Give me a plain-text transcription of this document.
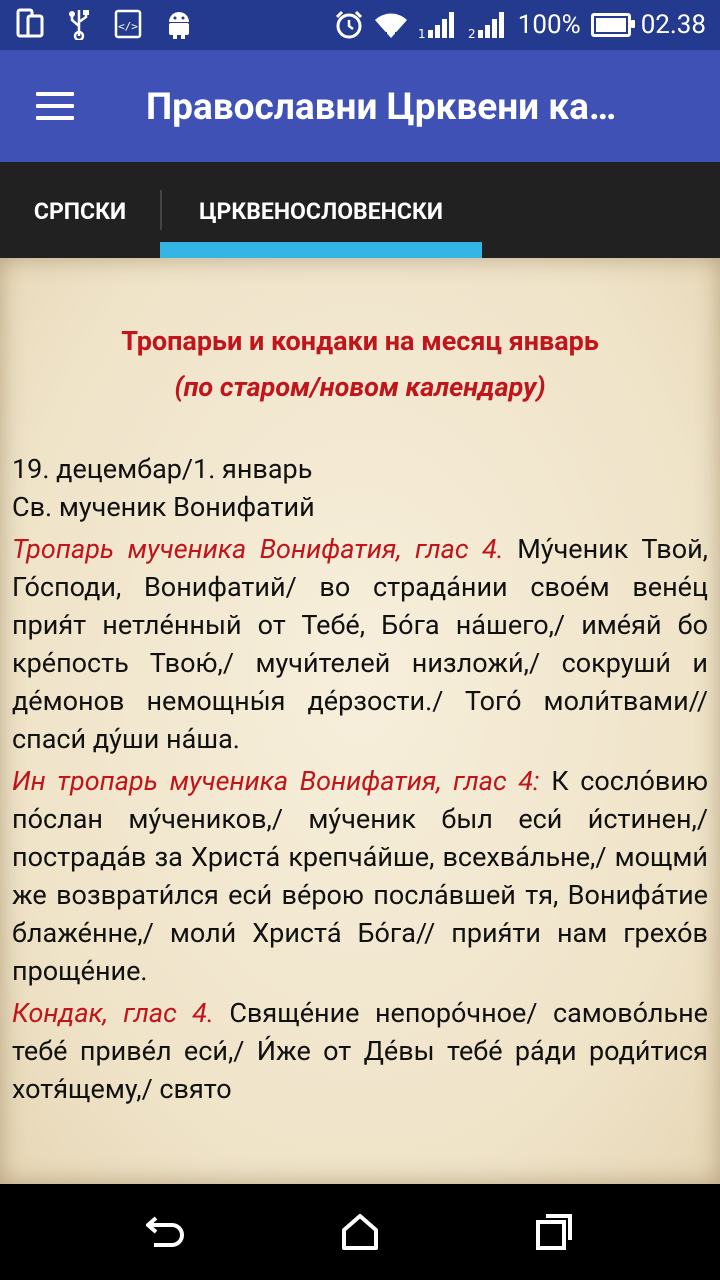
</>
1	2 100% 02.38
Православни Црквени ка…
СРПСКИ	ЦРКВЕНОСЛОВЕНСКИ
Тропарьи и кондаки на месяц январь
(по старом/новом календару)
19. децембар/1. январь
Св. мученик Вонифатий

Тропарь мученика Вонифатия, глас 4. Му́ченик Твой, Го́споди, Вонифатий/ во страда́нии свое́м вене́ц прия́т нетле́нный от Тебе́, Бо́га на́шего,/ име́яй бо кре́пость Твою́,/ мучи́телей низложи́,/ сокруши́ и де́монов немощны́я де́рзости./ Того́ моли́твами// спаси́ ду́ши на́ша.

Ин тропарь мученика Вонифатия, глас 4: К сосло́вию по́слан му́чеников,/ му́ченик был еси́ и́стинен,/ пострада́в за Христа́ крепча́йше, всехва́льне,/ мощми́ же возврати́лся еси́ ве́рою посла́вшей тя, Вонифа́тие блаже́нне,/ моли́ Христа́ Бо́га// прия́ти нам грехо́в проще́ние.

Кондак, глас 4. Свяще́ние непоро́чное/ самово́льне тебе́ приве́л еси́,/ И́же от Де́вы тебе́ ра́ди роди́тися хотя́щему,/ свято
